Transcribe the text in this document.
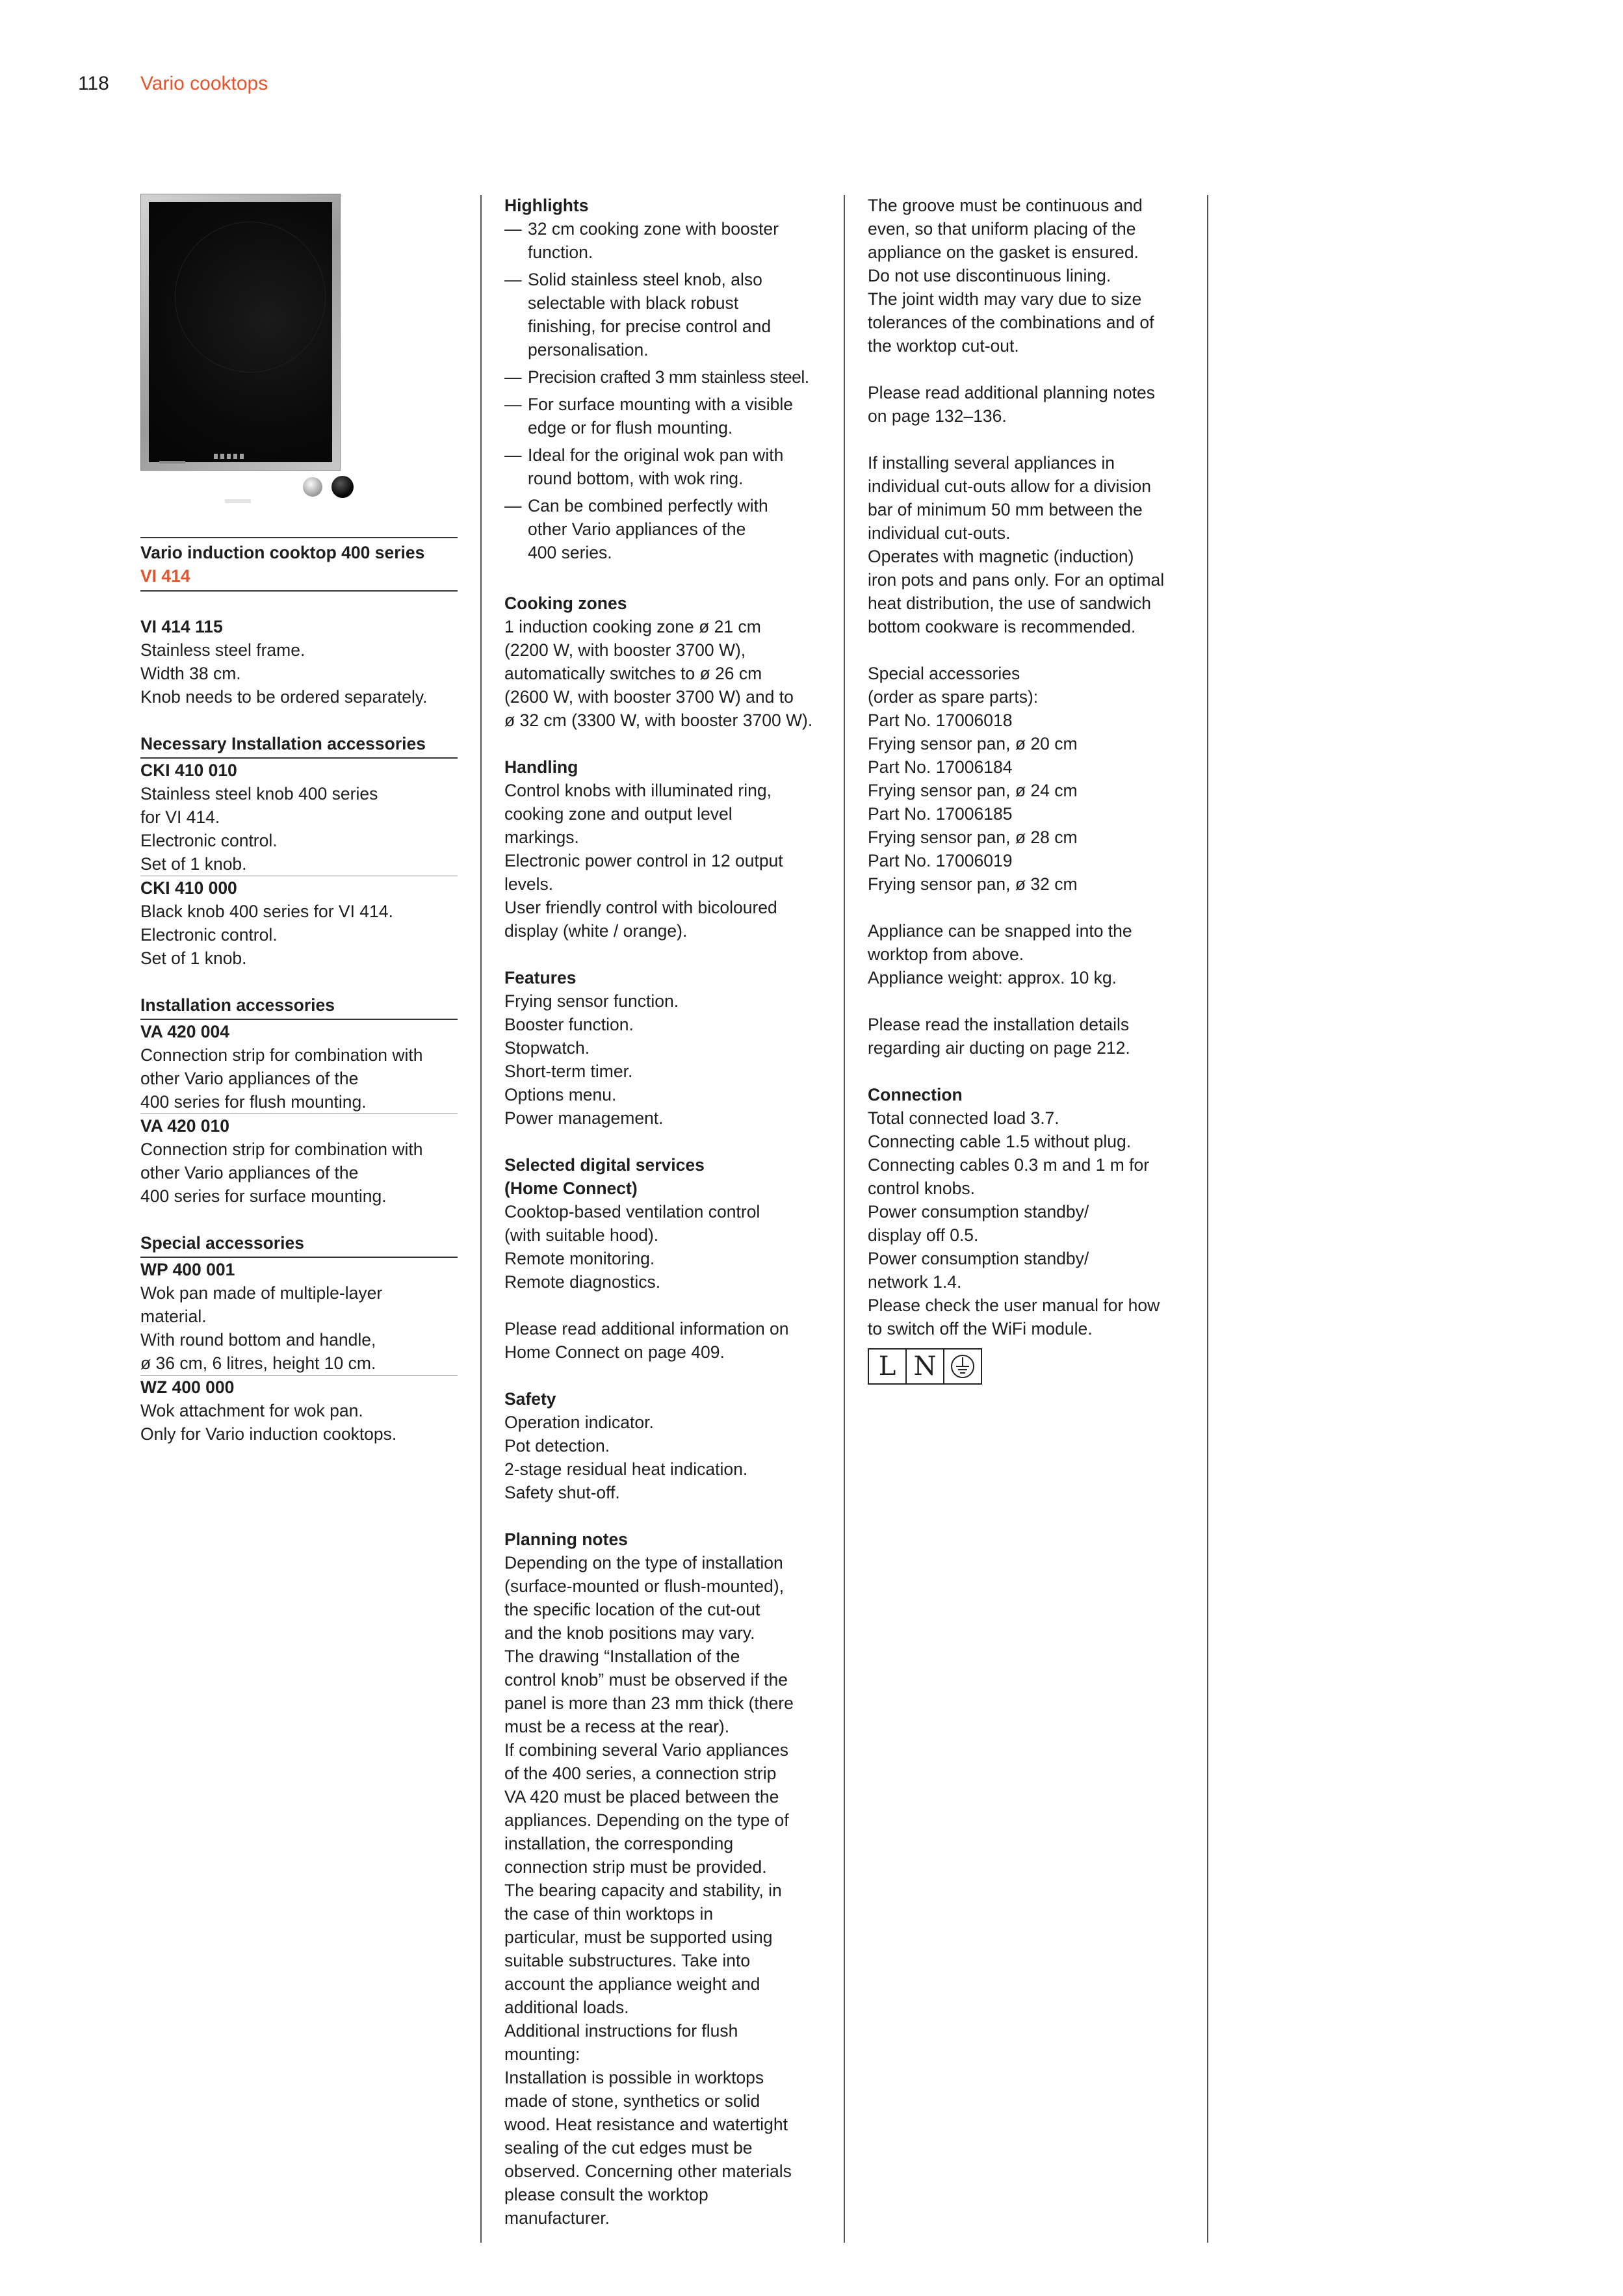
118 Vario cooktops
Vario induction cooktop 400 series
VI 414
VI 414 115
Stainless steel frame.
Width 38 cm.
Knob needs to be ordered separately.
Necessary Installation accessories
CKI 410 010
Stainless steel knob 400 series
for VI 414.
Electronic control.
Set of 1 knob.
CKI 410 000
Black knob 400 series for VI 414.
Electronic control.
Set of 1 knob.
Installation accessories
VA 420 004
Connection strip for combination with
other Vario appliances of the
400 series for flush mounting.
VA 420 010
Connection strip for combination with
other Vario appliances of the
400 series for surface mounting.
Special accessories
WP 400 001
Wok pan made of multiple-layer
material.
With round bottom and handle,
ø 36 cm, 6 litres, height 10 cm.
WZ 400 000
Wok attachment for wok pan.
Only for Vario induction cooktops.
Highlights
— 32 cm cooking zone with booster
function.
— Solid stainless steel knob, also
selectable with black robust
finishing, for precise control and
personalisation.
— Precision crafted 3 mm stainless steel.
— For surface mounting with a visible
edge or for flush mounting.
— Ideal for the original wok pan with
round bottom, with wok ring.
— Can be combined perfectly with
other Vario appliances of the
400 series.
Cooking zones
1 induction cooking zone ø 21 cm
(2200 W, with booster 3700 W),
automatically switches to ø 26 cm
(2600 W, with booster 3700 W) and to
ø 32 cm (3300 W, with booster 3700 W).
Handling
Control knobs with illuminated ring,
cooking zone and output level
markings.
Electronic power control in 12 output
levels.
User friendly control with bicoloured
display (white / orange).
Features
Frying sensor function.
Booster function.
Stopwatch.
Short-term timer.
Options menu.
Power management.
Selected digital services
(Home Connect)
Cooktop-based ventilation control
(with suitable hood).
Remote monitoring.
Remote diagnostics.
Please read additional information on
Home Connect on page 409.
Safety
Operation indicator.
Pot detection.
2-stage residual heat indication.
Safety shut-off.
Planning notes
Depending on the type of installation
(surface-mounted or flush-mounted),
the specific location of the cut-out
and the knob positions may vary.
The drawing “Installation of the
control knob” must be observed if the
panel is more than 23 mm thick (there
must be a recess at the rear).
If combining several Vario appliances
of the 400 series, a connection strip
VA 420 must be placed between the
appliances. Depending on the type of
installation, the corresponding
connection strip must be provided.
The bearing capacity and stability, in
the case of thin worktops in
particular, must be supported using
suitable substructures. Take into
account the appliance weight and
additional loads.
Additional instructions for flush
mounting:
Installation is possible in worktops
made of stone, synthetics or solid
wood. Heat resistance and watertight
sealing of the cut edges must be
observed. Concerning other materials
please consult the worktop
manufacturer.
The groove must be continuous and
even, so that uniform placing of the
appliance on the gasket is ensured.
Do not use discontinuous lining.
The joint width may vary due to size
tolerances of the combinations and of
the worktop cut-out.
Please read additional planning notes
on page 132–136.
If installing several appliances in
individual cut-outs allow for a division
bar of minimum 50 mm between the
individual cut-outs.
Operates with magnetic (induction)
iron pots and pans only. For an optimal
heat distribution, the use of sandwich
bottom cookware is recommended.
Special accessories
(order as spare parts):
Part No. 17006018
Frying sensor pan, ø 20 cm
Part No. 17006184
Frying sensor pan, ø 24 cm
Part No. 17006185
Frying sensor pan, ø 28 cm
Part No. 17006019
Frying sensor pan, ø 32 cm
Appliance can be snapped into the
worktop from above.
Appliance weight: approx. 10 kg.
Please read the installation details
regarding air ducting on page 212.
Connection
Total connected load 3.7.
Connecting cable 1.5 without plug.
Connecting cables 0.3 m and 1 m for
control knobs.
Power consumption standby/
display off 0.5.
Power consumption standby/
network 1.4.
Please check the user manual for how
to switch off the WiFi module.
L N
